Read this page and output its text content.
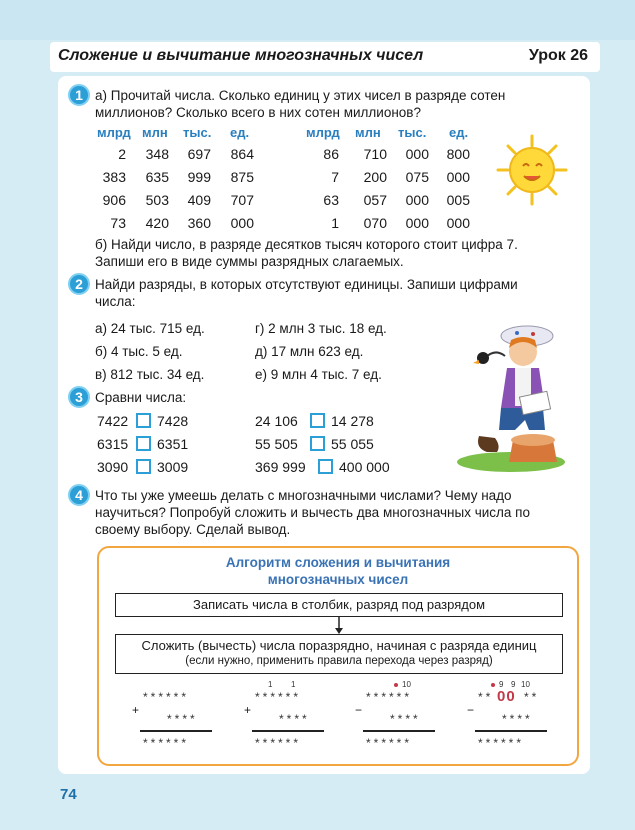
Сложение и вычитание многозначных чисел	Урок 26
1 а) Прочитай числа. Сколько единиц у этих чисел в разряде сотен
миллионов? Сколько всего в них сотен миллионов?
млрд млн тыс. ед.	млрд млн тыс. ед.
2	348	697	864
383	635	999	875
906	503	409	707
73	420	360	000
86	710	000	800
7	200	075	000
63	057	000	005
1	070	000	000
б) Найди число, в разряде десятков тысяч которого стоит цифра 7.
Запиши его в виде суммы разрядных слагаемых.
2 Найди разряды, в которых отсутствуют единицы. Запиши цифрами
числа:
а) 24 тыс. 715 ед.	г) 2 млн 3 тыс. 18 ед.
б) 4 тыс. 5 ед.	д) 17 млн 623 ед.
в) 812 тыс. 34 ед.	е) 9 млн 4 тыс. 7 ед.
3 Сравни числа:
7422 7428	24 106 14 278
6315 6351	55 505 55 055
3090 3009	369 999 400 000
4 Что ты уже умеешь делать с многозначными числами? Чему надо
научиться? Попробуй сложить и вычесть два многозначных числа по
своему выбору. Сделай вывод.
Алгоритм сложения и вычитания
многозначных чисел
Записать числа в столбик, разряд под разрядом
Сложить (вычесть) числа поразрядно, начиная с разряда единиц
(если нужно, применить правила перехода через разряд)
******
+
****
******
1 1
******
+
****
******
10
******
−
****
******
9 9 10
** 00 **
−
****
******
74
